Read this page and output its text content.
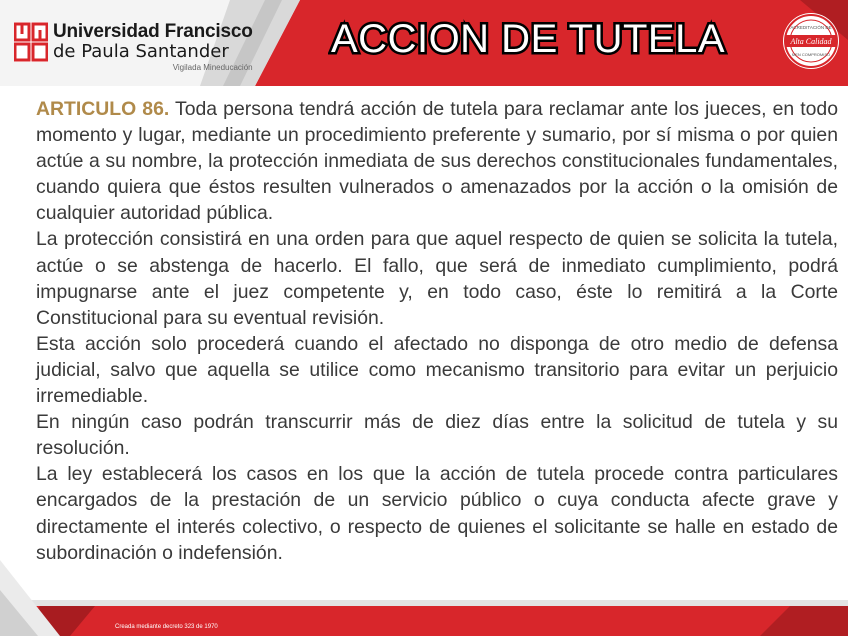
Universidad Francisco
de Paula Santander
Vigilada Mineducación
ACCION DE TUTELA	ACREDITACIÓN DE
Alta Calidad
MEN COMPROMISO

ARTICULO 86. Toda persona tendrá acción de tutela para reclamar ante los jueces, en todo momento y lugar, mediante un procedimiento preferente y sumario, por sí misma o por quien actúe a su nombre, la protección inmediata de sus derechos constitucionales fundamentales, cuando quiera que éstos resulten vulnerados o amenazados por la acción o la omisión de cualquier autoridad pública.

La protección consistirá en una orden para que aquel respecto de quien se solicita la tutela, actúe o se abstenga de hacerlo. El fallo, que será de inmediato cumplimiento, podrá impugnarse ante el juez competente y, en todo caso, éste lo remitirá a la Corte Constitucional para su eventual revisión.

Esta acción solo procederá cuando el afectado no disponga de otro medio de defensa judicial, salvo que aquella se utilice como mecanismo transitorio para evitar un perjuicio irremediable.

En ningún caso podrán transcurrir más de diez días entre la solicitud de tutela y su resolución.

La ley establecerá los casos en los que la acción de tutela procede contra particulares encargados de la prestación de un servicio público o cuya conducta afecte grave y directamente el interés colectivo, o respecto de quienes el solicitante se halle en estado de subordinación o indefensión.

Creada mediante decreto 323 de 1970
